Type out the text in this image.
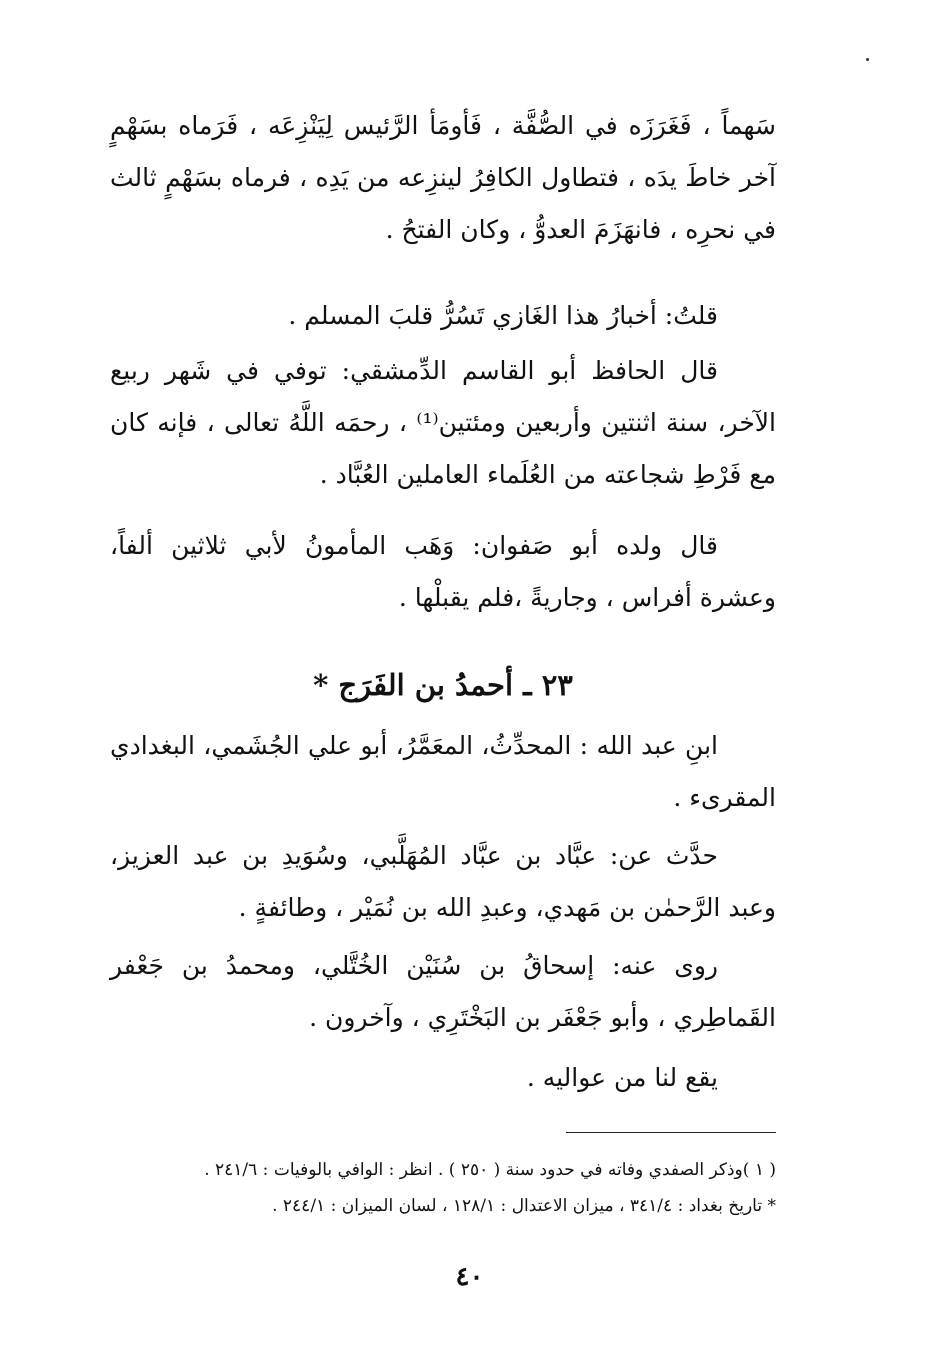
سَهماً ، فَغَرَزَه في الصُّفَّة ، فَأومَأ الرَّئيس لِيَنْزِعَه ، فَرَماه بسَهْمٍ آخر خاطَ يدَه ، فتطاول الكافِرُ لينزِعه من يَدِه ، فرماه بسَهْمٍ ثالث في نحرِه ، فانهَزَمَ العدوُّ ، وكان الفتحُ .

قلتُ: أخبارُ هذا الغَازي تَسُرُّ قلبَ المسلم .

قال الحافظ أبو القاسم الدِّمشقي: توفي في شَهر ربيع الآخر، سنة اثنتين وأربعين ومئتين⁽¹⁾ ، رحمَه اللَّهُ تعالى ، فإنه كان مع فَرْطِ شجاعته من العُلَماء العاملين العُبَّاد .

قال ولده أبو صَفوان: وَهَب المأمونُ لأبي ثلاثين ألفاً، وعشرة أفراس ، وجاريةً ،فلم يقبلْها .

٢٣ ـ أحمدُ بن الفَرَج *

ابنِ عبد الله : المحدِّثُ، المعَمَّرُ، أبو علي الجُشَمي، البغدادي المقرىء .

حدَّث عن: عبَّاد بن عبَّاد المُهَلَّبي، وسُوَيدِ بن عبد العزيز، وعبد الرَّحمٰن بن مَهدي، وعبدِ الله بن نُمَيْر ، وطائفةٍ .

روى عنه: إسحاقُ بن سُنَيْن الخُتَّلي، ومحمدُ بن جَعْفر القَماطِري ، وأبو جَعْفَر بن البَخْتَرِي ، وآخرون .

يقع لنا من عواليه .

( ١ )وذكر الصفدي وفاته في حدود سنة ( ٢٥٠ ) . انظر : الوافي بالوفيات : ٢٤١/٦ .
* تاريخ بغداد : ٣٤١/٤ ، ميزان الاعتدال : ١٢٨/١ ، لسان الميزان : ٢٤٤/١ .
٤٠
